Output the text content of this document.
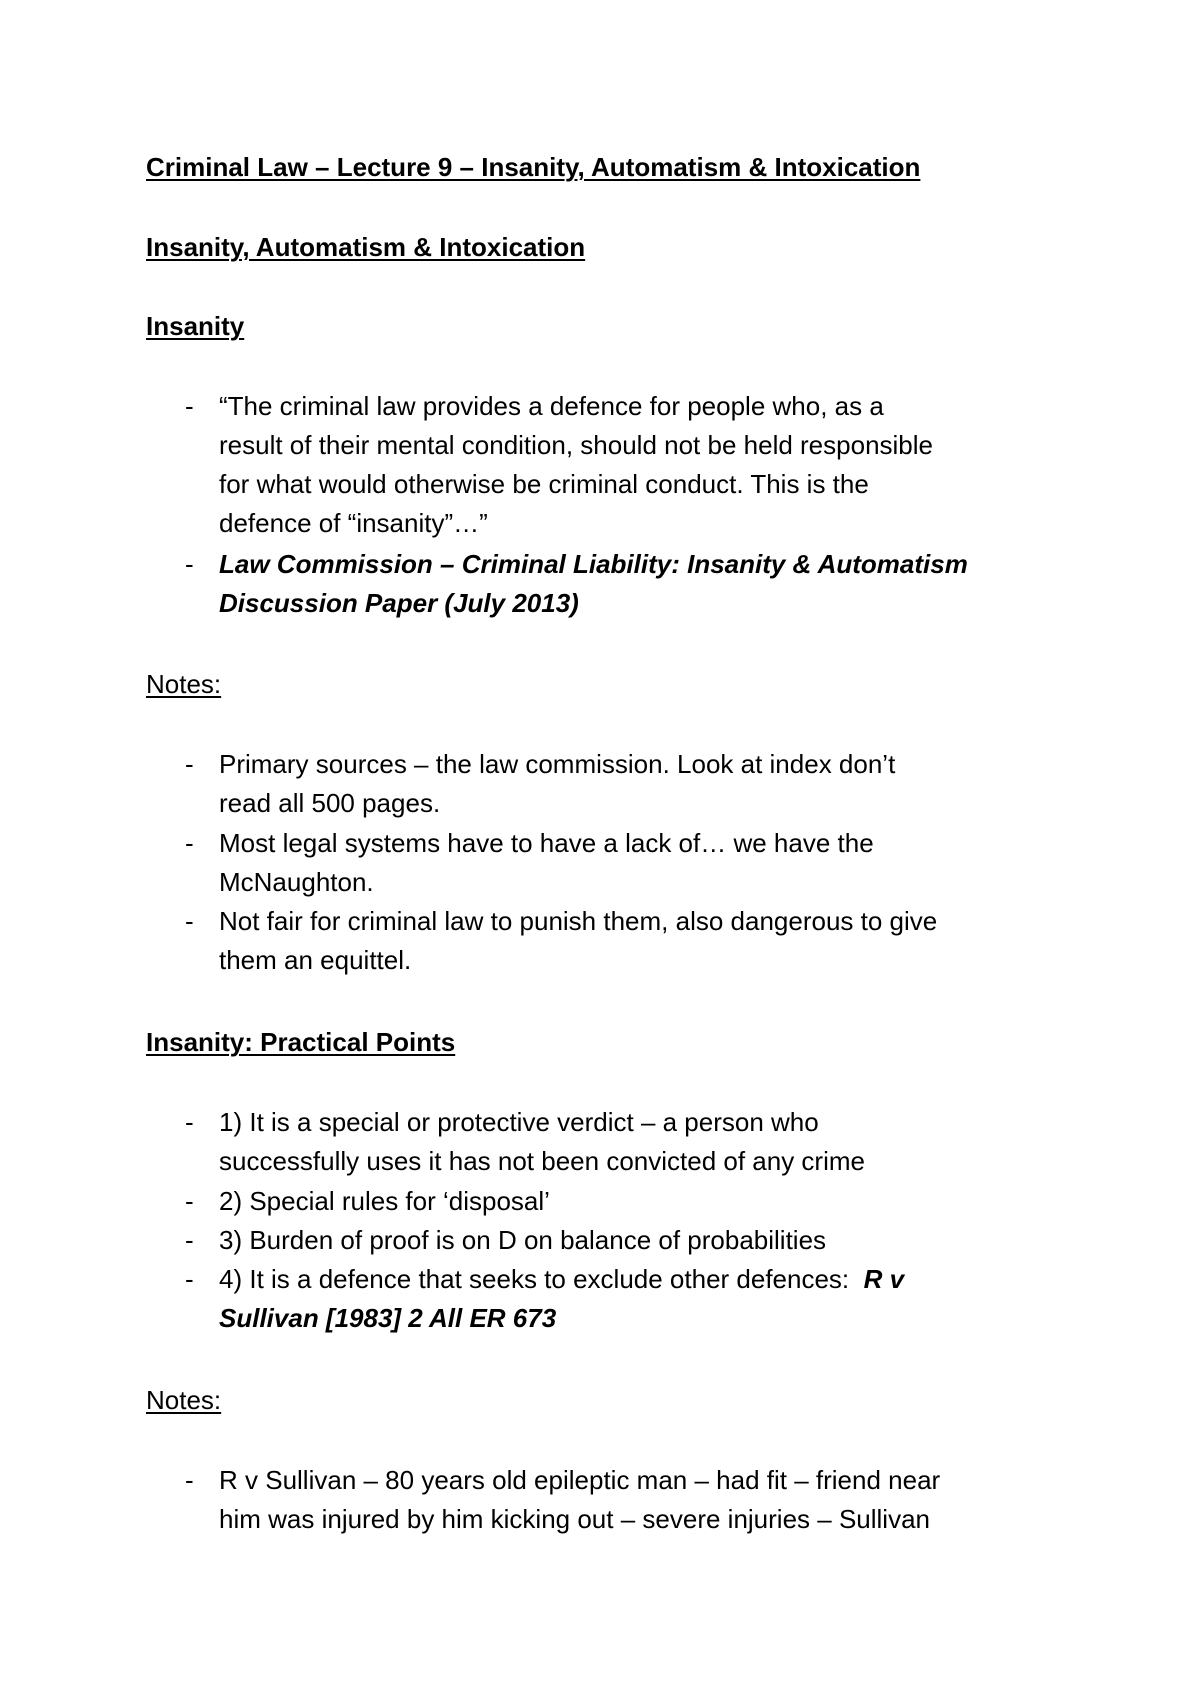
Criminal Law – Lecture 9 – Insanity, Automatism & Intoxication
Insanity, Automatism & Intoxication
Insanity
- “The criminal law provides a defence for people who, as a
result of their mental condition, should not be held responsible
for what would otherwise be criminal conduct. This is the
defence of “insanity”…”
- Law Commission – Criminal Liability: Insanity & Automatism
Discussion Paper (July 2013)
Notes:
- Primary sources – the law commission. Look at index don’t
read all 500 pages.
- Most legal systems have to have a lack of… we have the
McNaughton.
- Not fair for criminal law to punish them, also dangerous to give
them an equittel.
Insanity: Practical Points
- 1) It is a special or protective verdict – a person who
successfully uses it has not been convicted of any crime
- 2) Special rules for ‘disposal’
- 3) Burden of proof is on D on balance of probabilities
- 4) It is a defence that seeks to exclude other defences:  R v
Sullivan [1983] 2 All ER 673
Notes:
- R v Sullivan – 80 years old epileptic man – had fit – friend near
him was injured by him kicking out – severe injuries – Sullivan
